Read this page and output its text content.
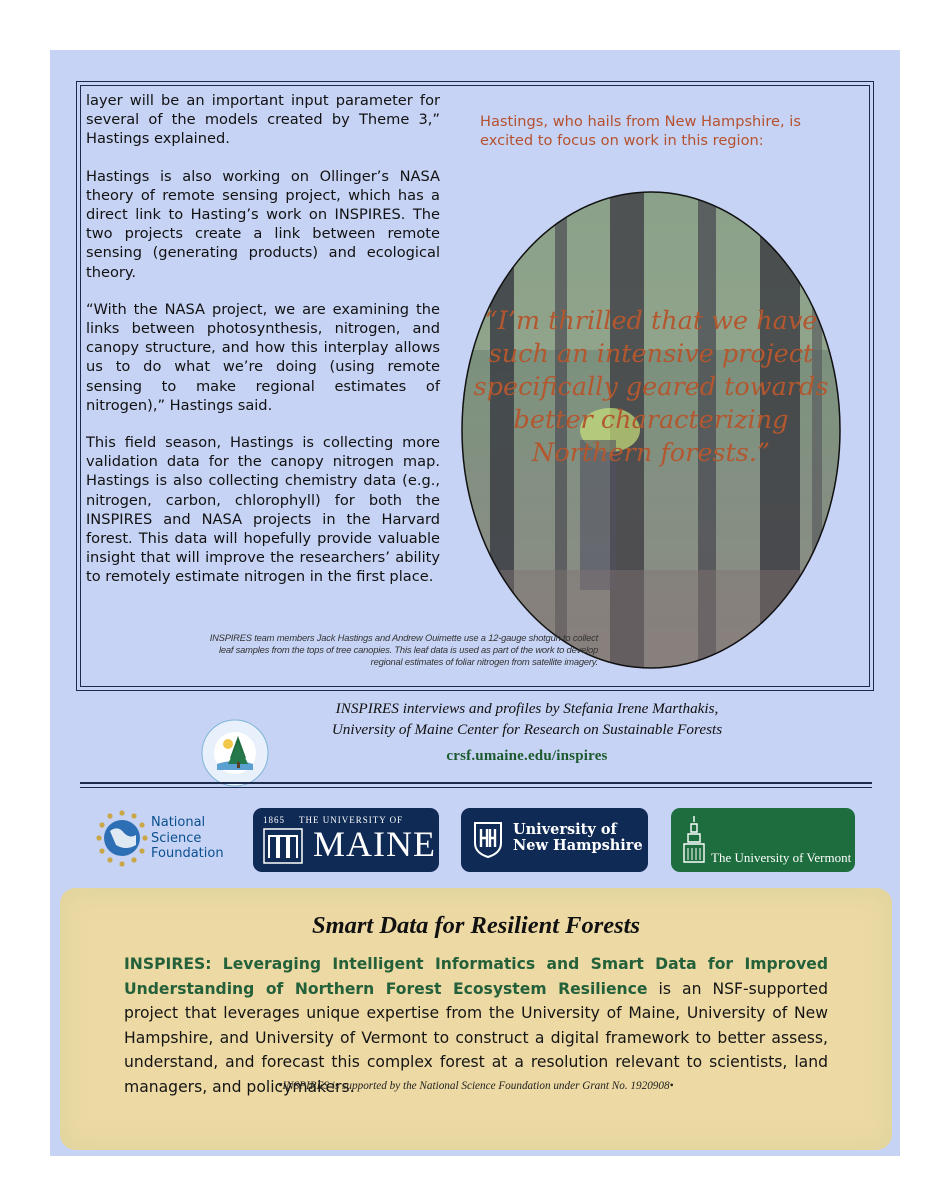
layer will be an important input parameter for several of the models created by Theme 3,” Hastings explained.

Hastings is also working on Ollinger’s NASA theory of remote sensing project, which has a direct link to Hasting’s work on INSPIRES. The two projects create a link between remote sensing (generating products) and ecological theory.

“With the NASA project, we are examining the links between photosynthesis, nitrogen, and canopy structure, and how this interplay allows us to do what we’re doing (using remote sensing to make regional estimates of nitrogen),” Hastings said.

This field season, Hastings is collecting more validation data for the canopy nitrogen map. Hastings is also collecting chemistry data (e.g., nitrogen, carbon, chlorophyll) for both the INSPIRES and NASA projects in the Harvard forest. This data will hopefully provide valuable insight that will improve the researchers’ ability to remotely estimate nitrogen in the first place.

Hastings, who hails from New Hampshire, is excited to focus on work in this region:
“I’m thrilled that we have such an intensive project specifically geared towards better characterizing Northern forests.”
INSPIRES team members Jack Hastings and Andrew Ouimette use a 12-gauge shotgun to collect leaf samples from the tops of tree canopies. This leaf data is used as part of the work to develop regional estimates of foliar nitrogen from satellite imagery.
INSPIRES interviews and profiles by Stefania Irene Marthakis,
University of Maine Center for Research on Sustainable Forests
crsf.umaine.edu/inspires
National
Science
Foundation
1865 THE UNIVERSITY OF
MAINE	University of
New Hampshire
The University of Vermont
Smart Data for Resilient Forests
INSPIRES: Leveraging Intelligent Informatics and Smart Data for Improved Understanding of Northern Forest Ecosystem Resilience is an NSF-supported project that leverages unique expertise from the University of Maine, University of New Hampshire, and University of Vermont to construct a digital framework to better assess, understand, and forecast this complex forest at a resolution relevant to scientists, land managers, and policymakers.
•INSPIRES is supported by the National Science Foundation under Grant No. 1920908•
